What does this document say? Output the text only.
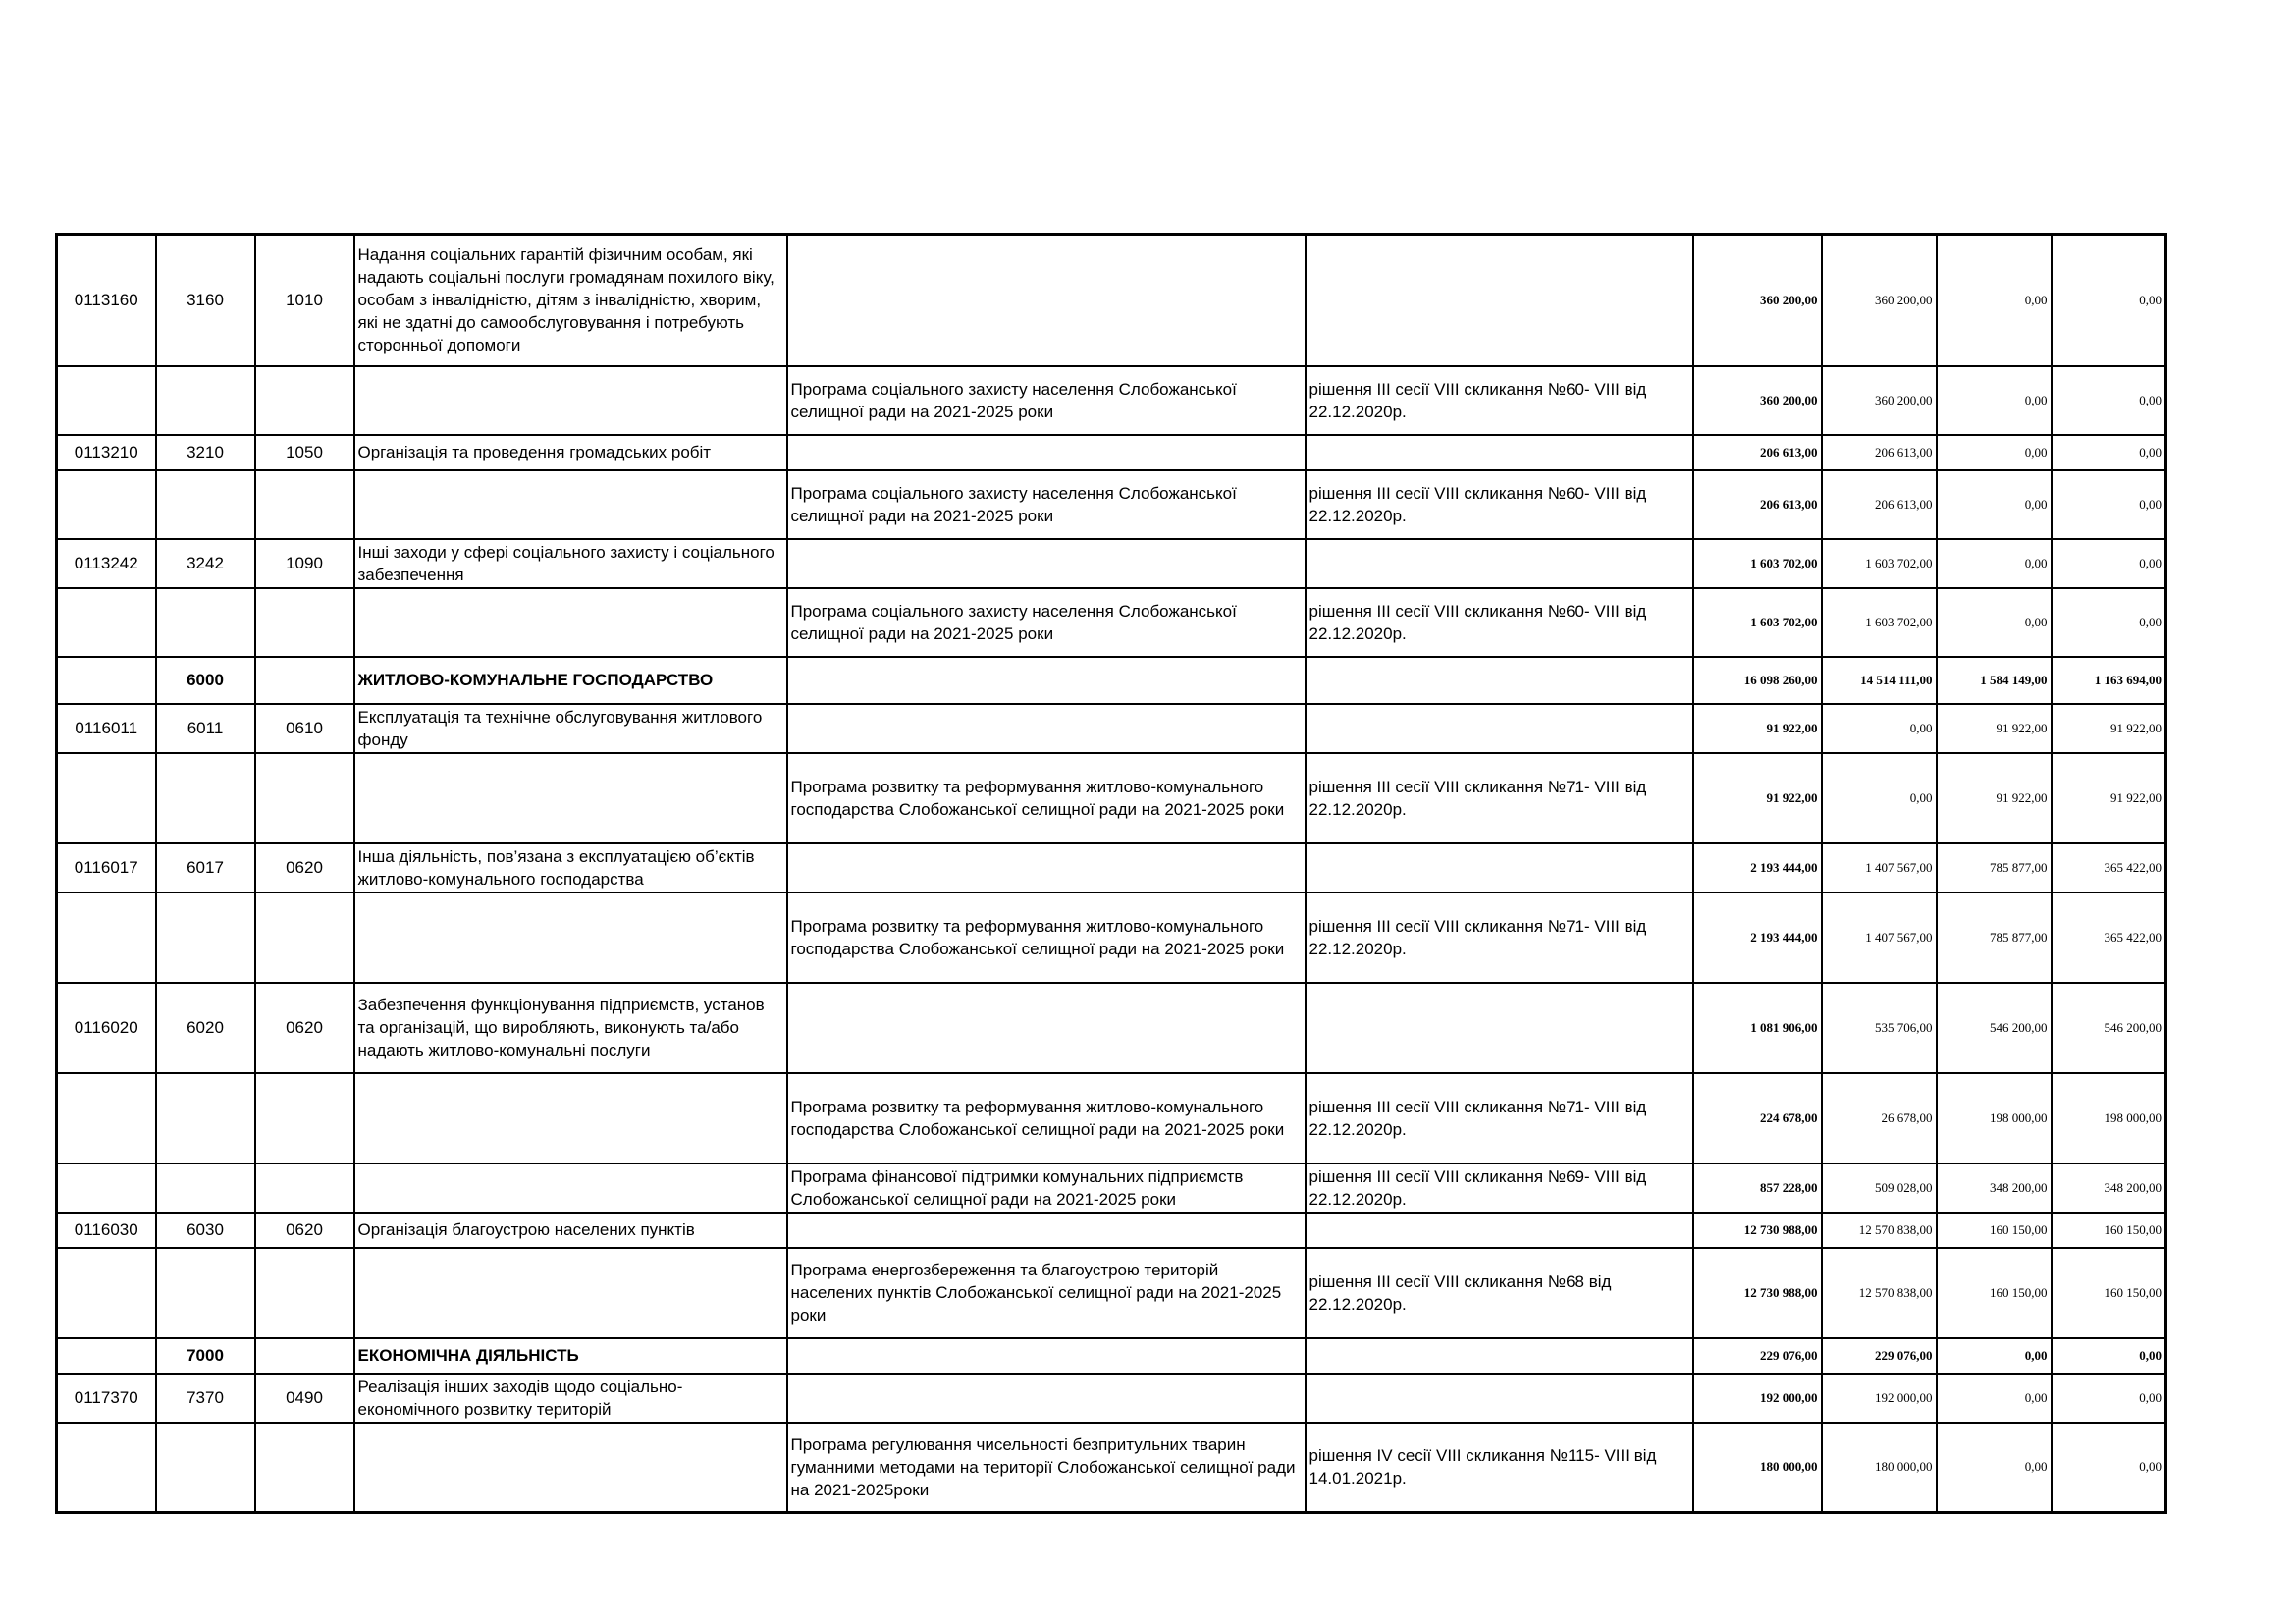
0113160	3160	1010	Надання соціальних гарантій фізичним особам, які надають соціальні послуги громадянам похилого віку, особам з інвалідністю, дітям з інвалідністю, хворим, які не здатні до самообслуговування і потребують сторонньої допомоги			360 200,00	360 200,00	0,00	0,00
				Програма соціального захисту населення Слобожанської селищної ради на 2021-2025 роки	рішення ІІІ сесії VIII скликання №60- VIII від 22.12.2020р.	360 200,00	360 200,00	0,00	0,00
0113210	3210	1050	Організація та проведення громадських робіт			206 613,00	206 613,00	0,00	0,00
				Програма соціального захисту населення Слобожанської селищної ради на 2021-2025 роки	рішення ІІІ сесії VIII скликання №60- VIII від 22.12.2020р.	206 613,00	206 613,00	0,00	0,00
0113242	3242	1090	Інші заходи у сфері соціального захисту і соціального забезпечення			1 603 702,00	1 603 702,00	0,00	0,00
				Програма соціального захисту населення Слобожанської селищної ради на 2021-2025 роки	рішення ІІІ сесії VIII скликання №60- VIII від 22.12.2020р.	1 603 702,00	1 603 702,00	0,00	0,00
	6000		ЖИТЛОВО-КОМУНАЛЬНЕ ГОСПОДАРСТВО			16 098 260,00	14 514 111,00	1 584 149,00	1 163 694,00
0116011	6011	0610	Експлуатація та технічне обслуговування житлового фонду			91 922,00	0,00	91 922,00	91 922,00
				Програма розвитку та реформування житлово-комунального господарства Слобожанської селищної ради на 2021-2025 роки	рішення ІІІ сесії VIII скликання №71- VIII від 22.12.2020р.	91 922,00	0,00	91 922,00	91 922,00
0116017	6017	0620	Інша діяльність, пов’язана з експлуатацією об’єктів житлово-комунального господарства			2 193 444,00	1 407 567,00	785 877,00	365 422,00
				Програма розвитку та реформування житлово-комунального господарства Слобожанської селищної ради на 2021-2025 роки	рішення ІІІ сесії VIII скликання №71- VIII від 22.12.2020р.	2 193 444,00	1 407 567,00	785 877,00	365 422,00
0116020	6020	0620	Забезпечення функціонування підприємств, установ та організацій, що виробляють, виконують та/або надають житлово-комунальні послуги			1 081 906,00	535 706,00	546 200,00	546 200,00
				Програма розвитку та реформування житлово-комунального господарства Слобожанської селищної ради на 2021-2025 роки	рішення ІІІ сесії VIII скликання №71- VIII від 22.12.2020р.	224 678,00	26 678,00	198 000,00	198 000,00
				Програма фінансової підтримки комунальних підприємств Слобожанської селищної ради на 2021-2025 роки	рішення ІІІ сесії VIII скликання №69- VIII від 22.12.2020р.	857 228,00	509 028,00	348 200,00	348 200,00
0116030	6030	0620	Організація благоустрою населених пунктів			12 730 988,00	12 570 838,00	160 150,00	160 150,00
				Програма енергозбереження та благоустрою територій населених пунктів Слобожанської селищної ради на 2021-2025 роки	рішення ІІІ сесії VIII скликання №68 від 22.12.2020р.	12 730 988,00	12 570 838,00	160 150,00	160 150,00
	7000		ЕКОНОМІЧНА ДІЯЛЬНІСТЬ			229 076,00	229 076,00	0,00	0,00
0117370	7370	0490	Реалізація інших заходів щодо соціально-економічного розвитку територій			192 000,00	192 000,00	0,00	0,00
				Програма регулювання чисельності безпритульних тварин гуманними методами на території Слобожанської селищної ради на 2021-2025роки	рішення ІV сесії VIII скликання №115- VIII від 14.01.2021р.	180 000,00	180 000,00	0,00	0,00
